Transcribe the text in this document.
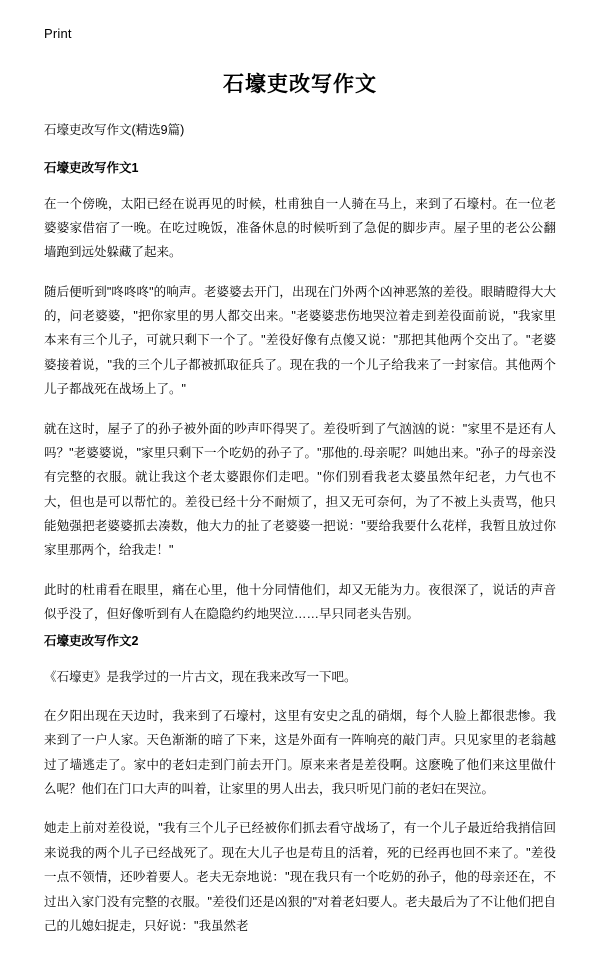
Print
石壕吏改写作文

石壕吏改写作文(精选9篇)

石壕吏改写作文1

在一个傍晚，太阳已经在说再见的时候，杜甫独自一人骑在马上，来到了石壕村。在一位老婆婆家借宿了一晚。在吃过晚饭，准备休息的时候听到了急促的脚步声。屋子里的老公公翻墙跑到远处躲藏了起来。

随后便听到"咚咚咚"的响声。老婆婆去开门，出现在门外两个凶神恶煞的差役。眼睛瞪得大大的，问老婆婆，"把你家里的男人都交出来。"老婆婆悲伤地哭泣着走到差役面前说，"我家里本来有三个儿子，可就只剩下一个了。"差役好像有点傻又说："那把其他两个交出了。"老婆婆接着说，"我的三个儿子都被抓取征兵了。现在我的一个儿子给我来了一封家信。其他两个儿子都战死在战场上了。"

就在这时，屋子了的孙子被外面的吵声吓得哭了。差役听到了气汹汹的说："家里不是还有人吗？"老婆婆说，"家里只剩下一个吃奶的孙子了。"那他的.母亲呢？叫她出来。"孙子的母亲没有完整的衣服。就让我这个老太婆跟你们走吧。"你们别看我老太婆虽然年纪老，力气也不大，但也是可以帮忙的。差役已经十分不耐烦了，担又无可奈何，为了不被上头责骂，他只能勉强把老婆婆抓去凑数，他大力的扯了老婆婆一把说："要给我要什么花样，我暂且放过你家里那两个，给我走！"

此时的杜甫看在眼里，痛在心里，他十分同情他们，却又无能为力。夜很深了，说话的声音似乎没了，但好像听到有人在隐隐约约地哭泣……早只同老头告别。

石壕吏改写作文2

《石壕吏》是我学过的一片古文，现在我来改写一下吧。

在夕阳出现在天边时，我来到了石壕村，这里有安史之乱的硝烟，每个人脸上都很悲惨。我来到了一户人家。天色渐渐的暗了下来，这是外面有一阵响亮的敲门声。只见家里的老翁越过了墙逃走了。家中的老妇走到门前去开门。原来来者是差役啊。这麽晚了他们来这里做什么呢？他们在门口大声的叫着，让家里的男人出去，我只听见门前的老妇在哭泣。

她走上前对差役说，"我有三个儿子已经被你们抓去看守战场了，有一个儿子最近给我捎信回来说我的两个儿子已经战死了。现在大儿子也是苟且的活着，死的已经再也回不来了。"差役一点不领情，还吵着要人。老夫无奈地说："现在我只有一个吃奶的孙子，他的母亲还在，不过出入家门没有完整的衣服。"差役们还是凶狠的"对着老妇要人。老夫最后为了不让他们把自己的儿媳妇捉走，只好说："我虽然老
